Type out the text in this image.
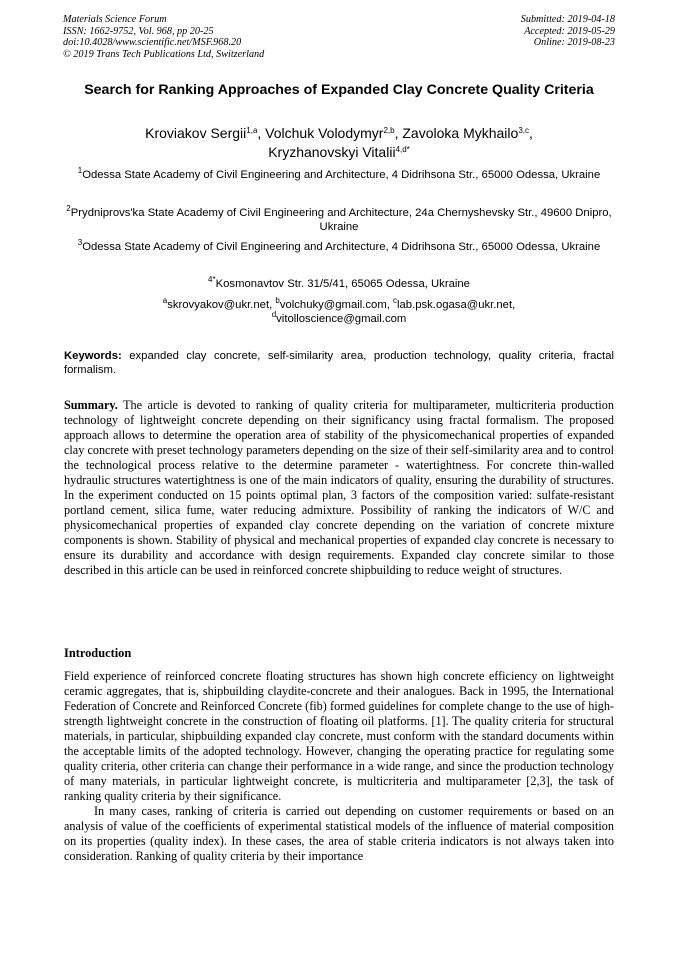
Materials Science Forum
ISSN: 1662-9752, Vol. 968, pp 20-25
doi:10.4028/www.scientific.net/MSF.968.20
© 2019 Trans Tech Publications Ltd, Switzerland
Submitted: 2019-04-18
Accepted: 2019-05-29
Online: 2019-08-23
Search for Ranking Approaches of Expanded Clay Concrete Quality Criteria
Kroviakov Sergii$^{1,a}$, Volchuk Volodymyr$^{2,b}$, Zavoloka Mykhailo$^{3,c}$,
Kryzhanovskyi Vitalii$^{4,d*}$
$^1$Odessa State Academy of Civil Engineering and Architecture, 4 Didrihsona Str., 65000 Odessa, Ukraine
$^2$Prydniprovs'ka State Academy of Civil Engineering and Architecture, 24a Chernyshevsky Str., 49600 Dnipro, Ukraine
$^3$Odessa State Academy of Civil Engineering and Architecture, 4 Didrihsona Str., 65000 Odessa, Ukraine
$^{4*}$Kosmonavtov Str. 31/5/41, 65065 Odessa, Ukraine
$^a$skrovyakov@ukr.net, $^b$volchuky@gmail.com, $^c$lab.psk.ogasa@ukr.net,
$^d$vitolloscience@gmail.com
Keywords: expanded clay concrete, self-similarity area, production technology, quality criteria, fractal formalism.
Summary. The article is devoted to ranking of quality criteria for multiparameter, multicriteria production technology of lightweight concrete depending on their significancy using fractal formalism. The proposed approach allows to determine the operation area of stability of the physicomechanical properties of expanded clay concrete with preset technology parameters depending on the size of their self-similarity area and to control the technological process relative to the determine parameter - watertightness. For concrete thin-walled hydraulic structures watertightness is one of the main indicators of quality, ensuring the durability of structures. In the experiment conducted on 15 points optimal plan, 3 factors of the composition varied: sulfate-resistant portland cement, silica fume, water reducing admixture. Possibility of ranking the indicators of W/C and physicomechanical properties of expanded clay concrete depending on the variation of concrete mixture components is shown. Stability of physical and mechanical properties of expanded clay concrete is necessary to ensure its durability and accordance with design requirements. Expanded clay concrete similar to those described in this article can be used in reinforced concrete shipbuilding to reduce weight of structures.
Introduction

Field experience of reinforced concrete floating structures has shown high concrete efficiency on lightweight ceramic aggregates, that is, shipbuilding claydite-concrete and their analogues. Back in 1995, the International Federation of Concrete and Reinforced Concrete (fib) formed guidelines for complete change to the use of high-strength lightweight concrete in the construction of floating oil platforms. [1]. The quality criteria for structural materials, in particular, shipbuilding expanded clay concrete, must conform with the standard documents within the acceptable limits of the adopted technology. However, changing the operating practice for regulating some quality criteria, other criteria can change their performance in a wide range, and since the production technology of many materials, in particular lightweight concrete, is multicriteria and multiparameter [2,3], the task of ranking quality criteria by their significance.

In many cases, ranking of criteria is carried out depending on customer requirements or based on an analysis of value of the coefficients of experimental statistical models of the influence of material composition on its properties (quality index). In these cases, the area of stable criteria indicators is not always taken into consideration. Ranking of quality criteria by their importance
